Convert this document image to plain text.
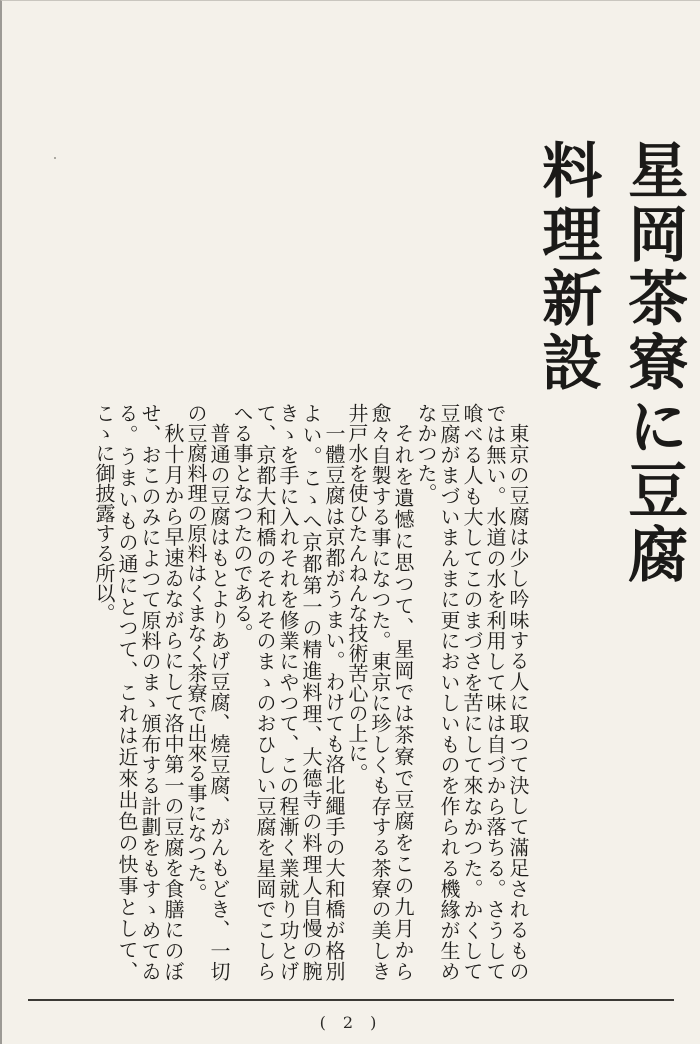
星岡茶寮に豆腐料理新設

東京の豆腐は少し吟味する人に取つて決して滿足されるものでは無い。水道の水を利用して味は自づから落ちる。さうして喰べる人も大してこのまづさを苦にして來なかつた。かくして豆腐がまづいまんまに更においしいものを作られる機緣が生めなかつた。

それを遺憾に思つて、星岡では茶寮で豆腐をこの九月から愈々自製する事になつた。東京に珍しくも存する茶寮の美しき井戸水を使ひたんねんな技術苦心の上に。

一體豆腐は京都がうまい。わけても洛北繩手の大和橋が格別よい。こゝへ京都第一の精進料理、大德寺の料理人自慢の腕きゝを手に入れそれを修業にやつて、この程漸く業就り功とげて、京都大和橋のそれそのまゝのおひしい豆腐を星岡でこしらへる事となつたのである。

普通の豆腐はもとよりあげ豆腐、燒豆腐、がんもどき、一切の豆腐料理の原料はくまなく茶寮で出來る事になつた。

秋十月から早速ゐながらにして洛中第一の豆腐を食膳にのぼせ、おこのみによつて原料のまゝ頒布する計劃をもすゝめてゐる。うまいもの通にとつて、これは近來出色の快事として、こゝに御披露する所以。

( 2 )
